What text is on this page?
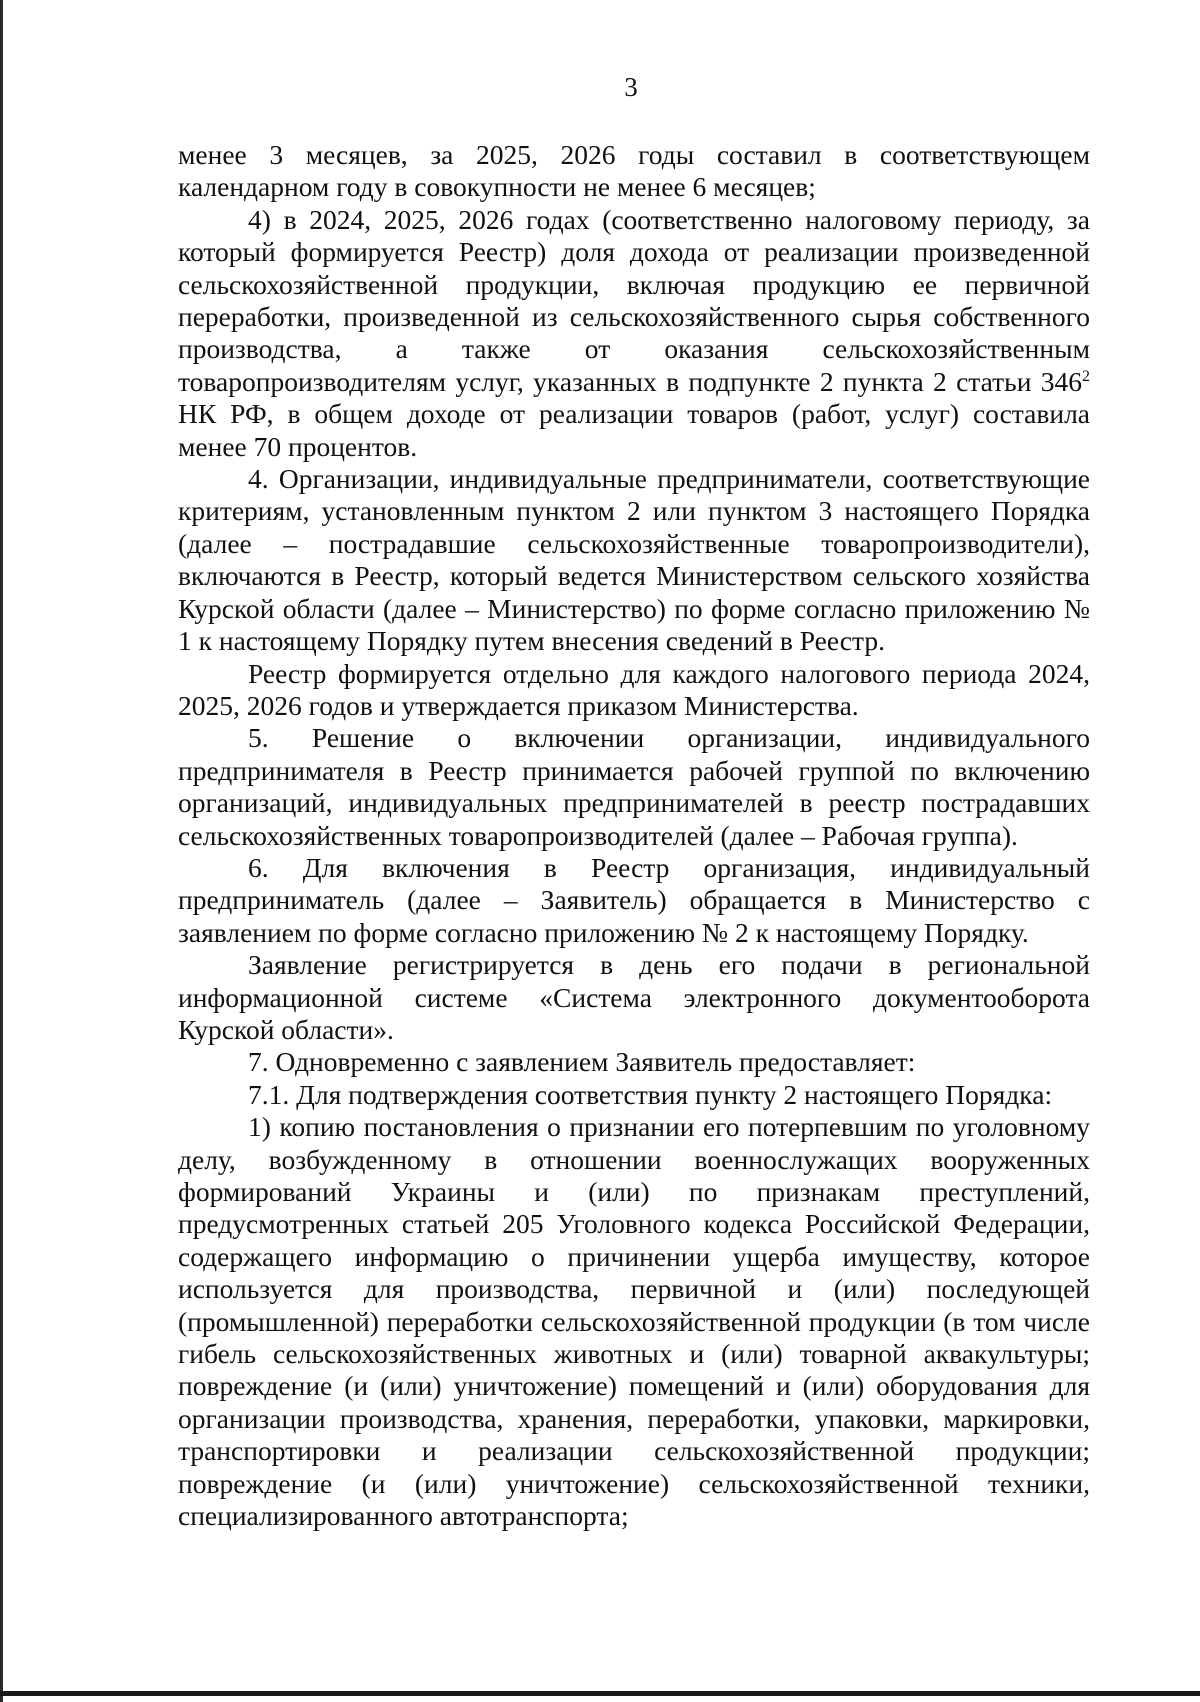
3

менее 3 месяцев, за 2025, 2026 годы составил в соответствующем календарном году в совокупности не менее 6 месяцев;

4) в 2024, 2025, 2026 годах (соответственно налоговому периоду, за который формируется Реестр) доля дохода от реализации произведенной сельскохозяйственной продукции, включая продукцию ее первичной переработки, произведенной из сельскохозяйственного сырья собственного производства, а также от оказания сельскохозяйственным товаропроизводителям услуг, указанных в подпункте 2 пункта 2 статьи $346^2$ НК РФ, в общем доходе от реализации товаров (работ, услуг) составила менее 70 процентов.

4. Организации, индивидуальные предприниматели, соответствующие критериям, установленным пунктом 2 или пунктом 3 настоящего Порядка (далее – пострадавшие сельскохозяйственные товаропроизводители), включаются в Реестр, который ведется Министерством сельского хозяйства Курской области (далее – Министерство) по форме согласно приложению № 1 к настоящему Порядку путем внесения сведений в Реестр.

Реестр формируется отдельно для каждого налогового периода 2024, 2025, 2026 годов и утверждается приказом Министерства.

5. Решение о включении организации, индивидуального предпринимателя в Реестр принимается рабочей группой по включению организаций, индивидуальных предпринимателей в реестр пострадавших сельскохозяйственных товаропроизводителей (далее – Рабочая группа).

6. Для включения в Реестр организация, индивидуальный предприниматель (далее – Заявитель) обращается в Министерство с заявлением по форме согласно приложению № 2 к настоящему Порядку.

Заявление регистрируется в день его подачи в региональной информационной системе «Система электронного документооборота Курской области».

7. Одновременно с заявлением Заявитель предоставляет:

7.1. Для подтверждения соответствия пункту 2 настоящего Порядка:

1) копию постановления о признании его потерпевшим по уголовному делу, возбужденному в отношении военнослужащих вооруженных формирований Украины и (или) по признакам преступлений, предусмотренных статьей 205 Уголовного кодекса Российской Федерации, содержащего информацию о причинении ущерба имуществу, которое используется для производства, первичной и (или) последующей (промышленной) переработки сельскохозяйственной продукции (в том числе гибель сельскохозяйственных животных и (или) товарной аквакультуры; повреждение (и (или) уничтожение) помещений и (или) оборудования для организации производства, хранения, переработки, упаковки, маркировки, транспортировки и реализации сельскохозяйственной продукции; повреждение (и (или) уничтожение) сельскохозяйственной техники, специализированного автотранспорта;
